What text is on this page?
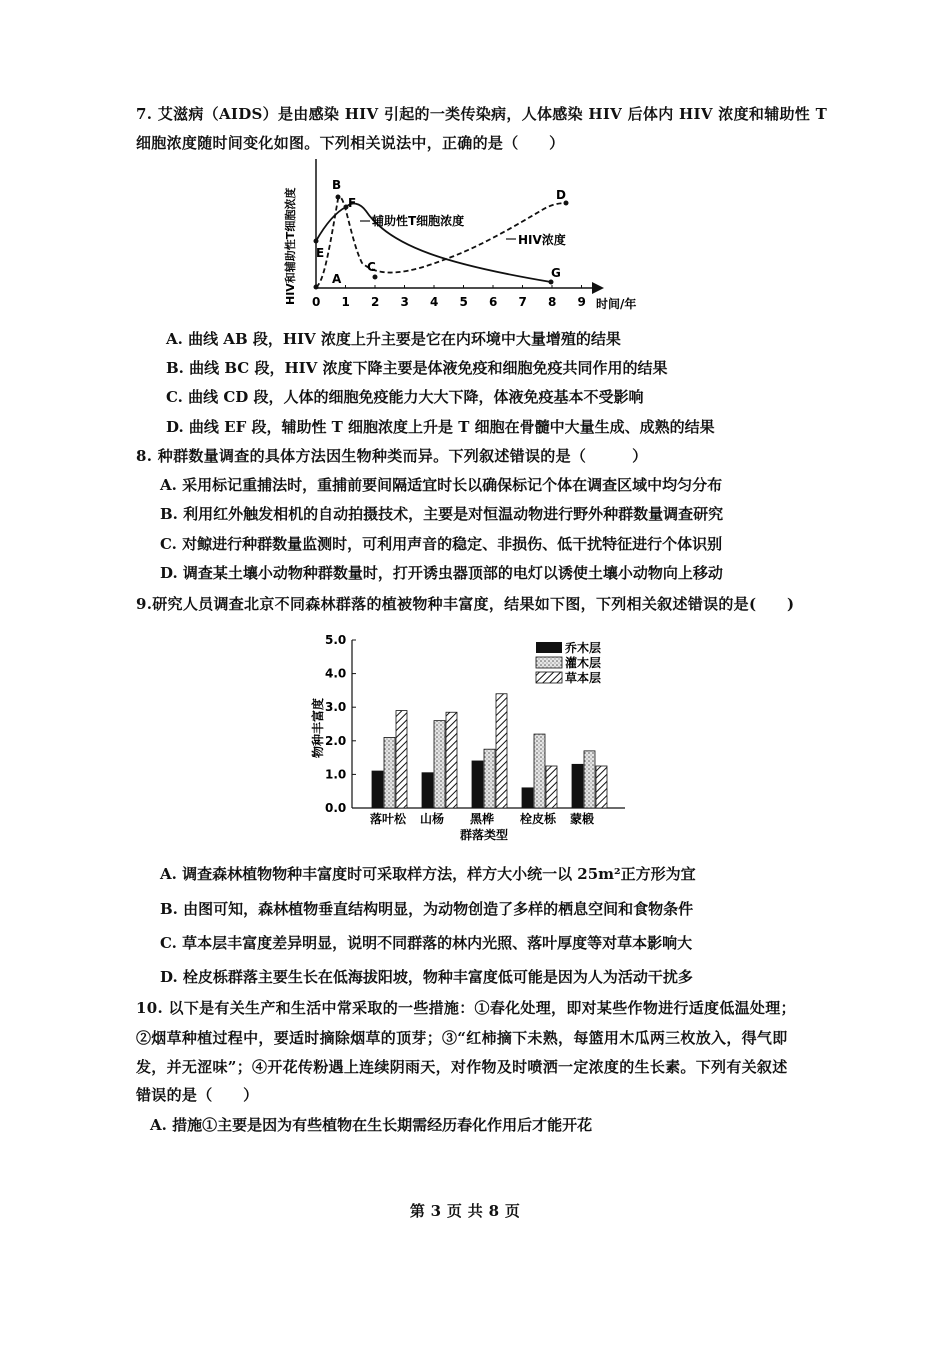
7. 艾滋病（AIDS）是由感染 HIV 引起的一类传染病，人体感染 HIV 后体内 HIV 浓度和辅助性 T
细胞浓度随时间变化如图。下列相关说法中，正确的是（　　）
HIV和辅助性T细胞浓度 0 1 2 3 4 5 6 7 8 9 时间/年
A
B
C
D
E
F
G
辅助性T细胞浓度
HIV浓度
A. 曲线 AB 段，HIV 浓度上升主要是它在内环境中大量增殖的结果
B. 曲线 BC 段，HIV 浓度下降主要是体液免疫和细胞免疫共同作用的结果
C. 曲线 CD 段，人体的细胞免疫能力大大下降，体液免疫基本不受影响
D. 曲线 EF 段，辅助性 T 细胞浓度上升是 T 细胞在骨髓中大量生成、成熟的结果
8. 种群数量调查的具体方法因生物种类而异。下列叙述错误的是（　　　）
A. 采用标记重捕法时，重捕前要间隔适宜时长以确保标记个体在调查区域中均匀分布
B. 利用红外触发相机的自动拍摄技术，主要是对恒温动物进行野外种群数量调查研究
C. 对鲸进行种群数量监测时，可利用声音的稳定、非损伤、低干扰特征进行个体识别
D. 调查某土壤小动物种群数量时，打开诱虫器顶部的电灯以诱使土壤小动物向上移动
9.研究人员调查北京不同森林群落的植被物种丰富度，结果如下图，下列相关叙述错误的是(　　)
物种丰富度
0.0
1.0
2.0
3.0
4.0
5.0
落叶松 山杨 黑桦 栓皮栎 蒙椴
群落类型
乔木层
灌木层
草本层
A. 调查森林植物物种丰富度时可采取样方法，样方大小统一以 25m²正方形为宜
B. 由图可知，森林植物垂直结构明显，为动物创造了多样的栖息空间和食物条件
C. 草本层丰富度差异明显，说明不同群落的林内光照、落叶厚度等对草本影响大
D. 栓皮栎群落主要生长在低海拔阳坡，物种丰富度低可能是因为人为活动干扰多
10. 以下是有关生产和生活中常采取的一些措施：①春化处理，即对某些作物进行适度低温处理；
②烟草种植过程中，要适时摘除烟草的顶芽；③“红柿摘下未熟，每篮用木瓜两三枚放入，得气即
发，并无涩味”；④开花传粉遇上连续阴雨天，对作物及时喷洒一定浓度的生长素。下列有关叙述
错误的是（　　）
A. 措施①主要是因为有些植物在生长期需经历春化作用后才能开花
第 3 页 共 8 页
